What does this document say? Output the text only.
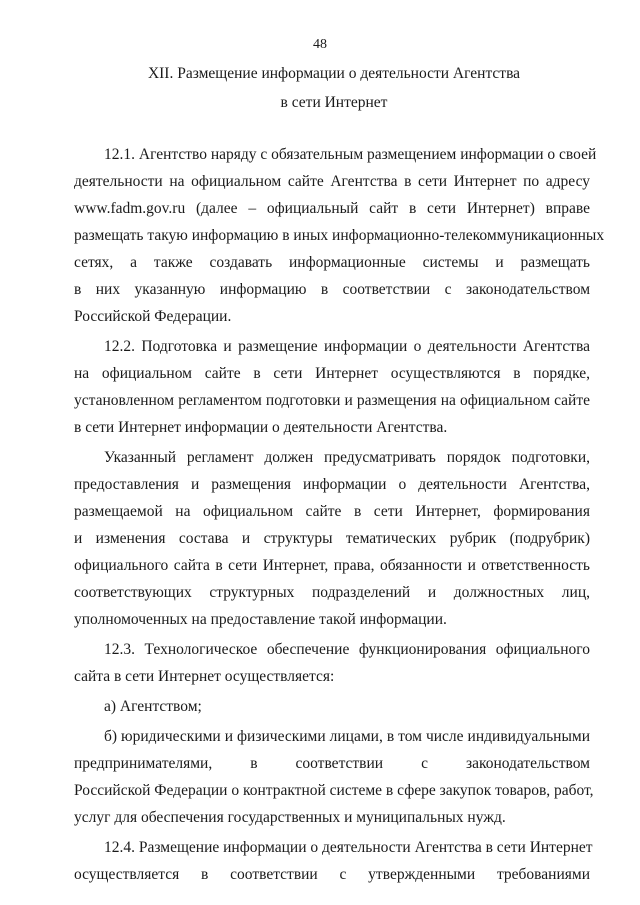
48
XII. Размещение информации о деятельности Агентства
в сети Интернет

12.1. Агентство наряду с обязательным размещением информации о своей
деятельности на официальном сайте Агентства в сети Интернет по адресу
www.fadm.gov.ru (далее – официальный сайт в сети Интернет) вправе
размещать такую информацию в иных информационно-телекоммуникационных
сетях, а также создавать информационные системы и размещать
в них указанную информацию в соответствии с законодательством
Российской Федерации.

12.2. Подготовка и размещение информации о деятельности Агентства
на официальном сайте в сети Интернет осуществляются в порядке,
установленном регламентом подготовки и размещения на официальном сайте
в сети Интернет информации о деятельности Агентства.

Указанный регламент должен предусматривать порядок подготовки,
предоставления и размещения информации о деятельности Агентства,
размещаемой на официальном сайте в сети Интернет, формирования
и изменения состава и структуры тематических рубрик (подрубрик)
официального сайта в сети Интернет, права, обязанности и ответственность
соответствующих структурных подразделений и должностных лиц,
уполномоченных на предоставление такой информации.

12.3. Технологическое обеспечение функционирования официального
сайта в сети Интернет осуществляется:

а) Агентством;

б) юридическими и физическими лицами, в том числе индивидуальными
предпринимателями, в соответствии с законодательством
Российской Федерации о контрактной системе в сфере закупок товаров, работ,
услуг для обеспечения государственных и муниципальных нужд.

12.4. Размещение информации о деятельности Агентства в сети Интернет
осуществляется в соответствии с утвержденными требованиями
